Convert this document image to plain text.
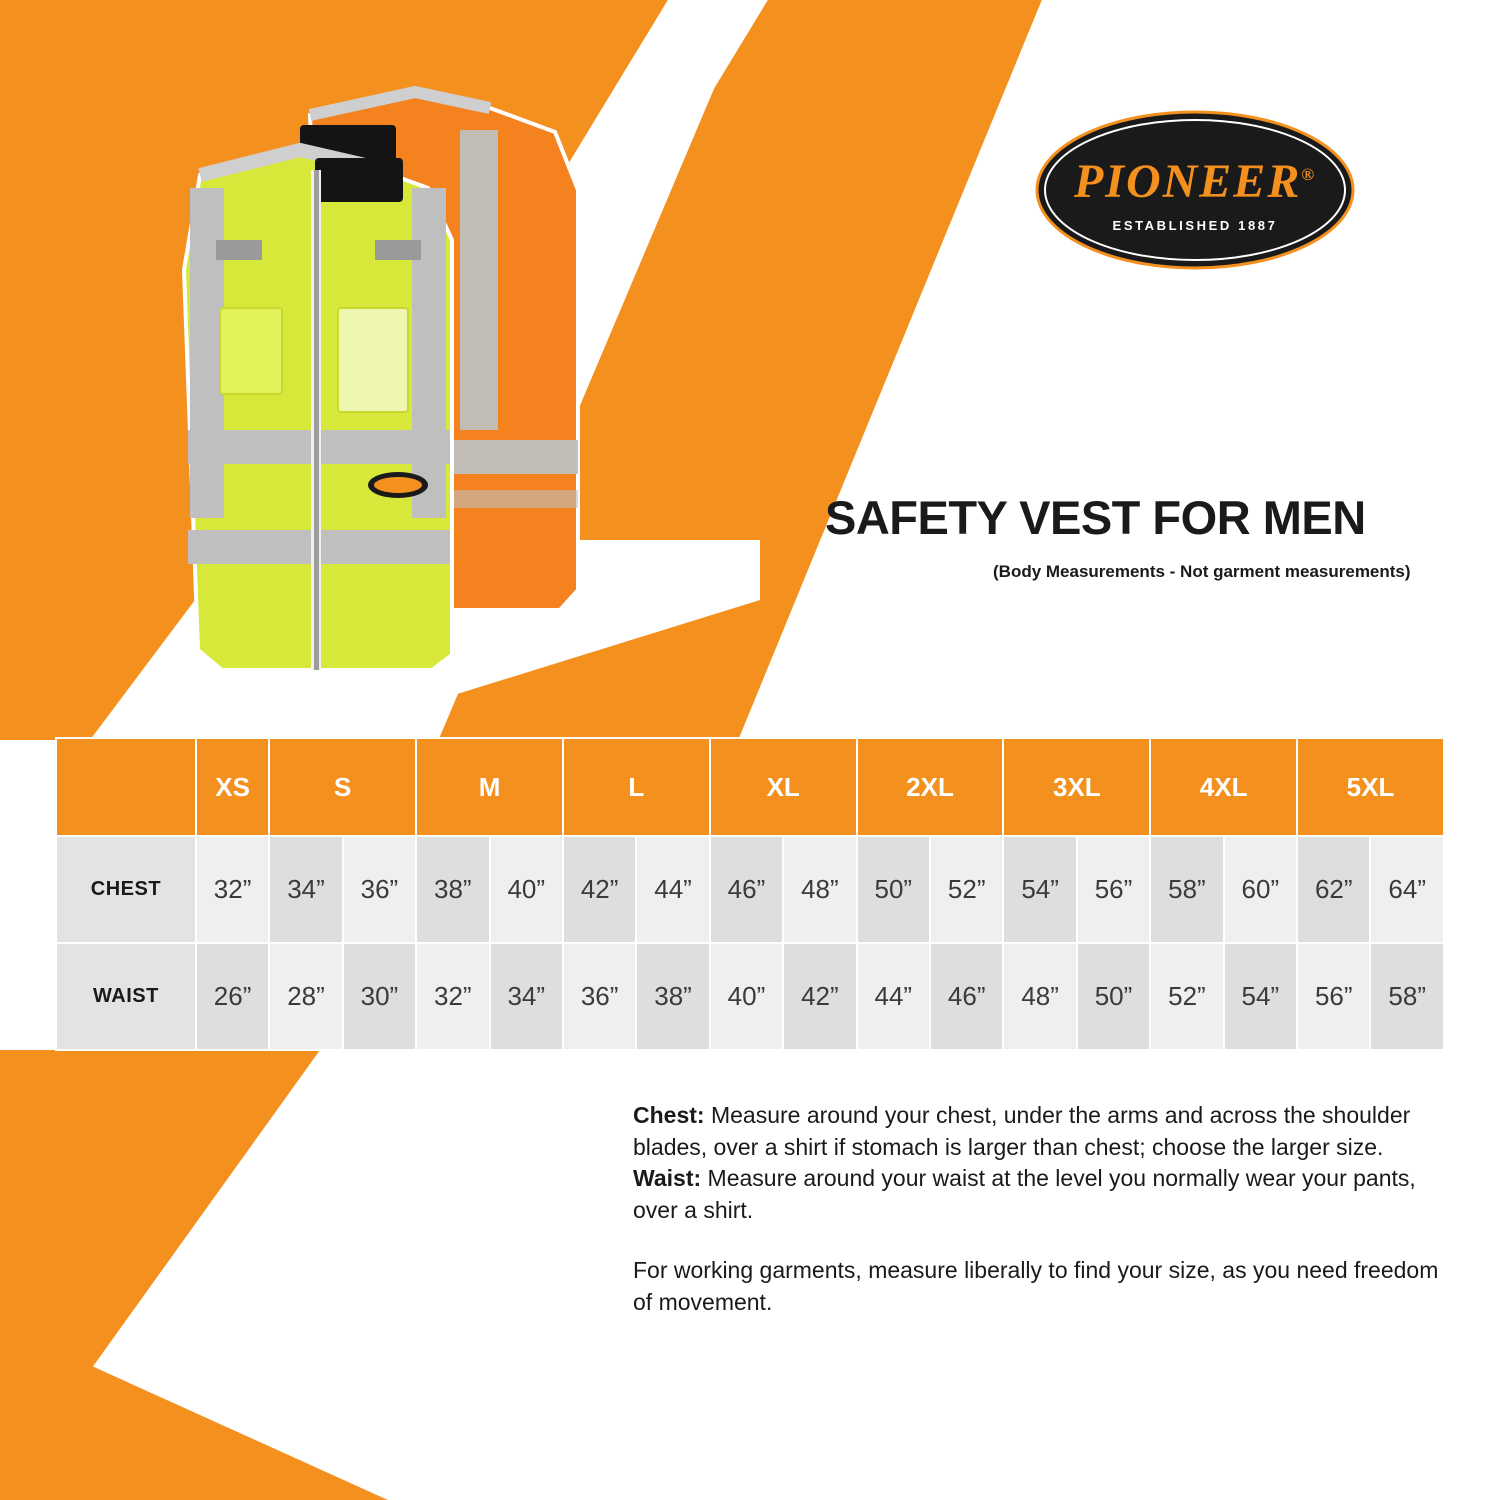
PIONEER®
ESTABLISHED 1887
SAFETY VEST FOR MEN
(Body Measurements - Not garment measurements)
	XS	S		M		L		XL		2XL		3XL		4XL		5XL	
CHEST	32”	34”	36”	38”	40”	42”	44”	46”	48”	50”	52”	54”	56”	58”	60”	62”	64”
WAIST	26”	28”	30”	32”	34”	36”	38”	40”	42”	44”	46”	48”	50”	52”	54”	56”	58”

Chest: Measure around your chest, under the arms and across the shoulder blades, over a shirt if stomach is larger than chest; choose the larger size.

Waist: Measure around your waist at the level you normally wear your pants, over a shirt.

For working garments, measure liberally to find your size, as you need freedom of movement.
